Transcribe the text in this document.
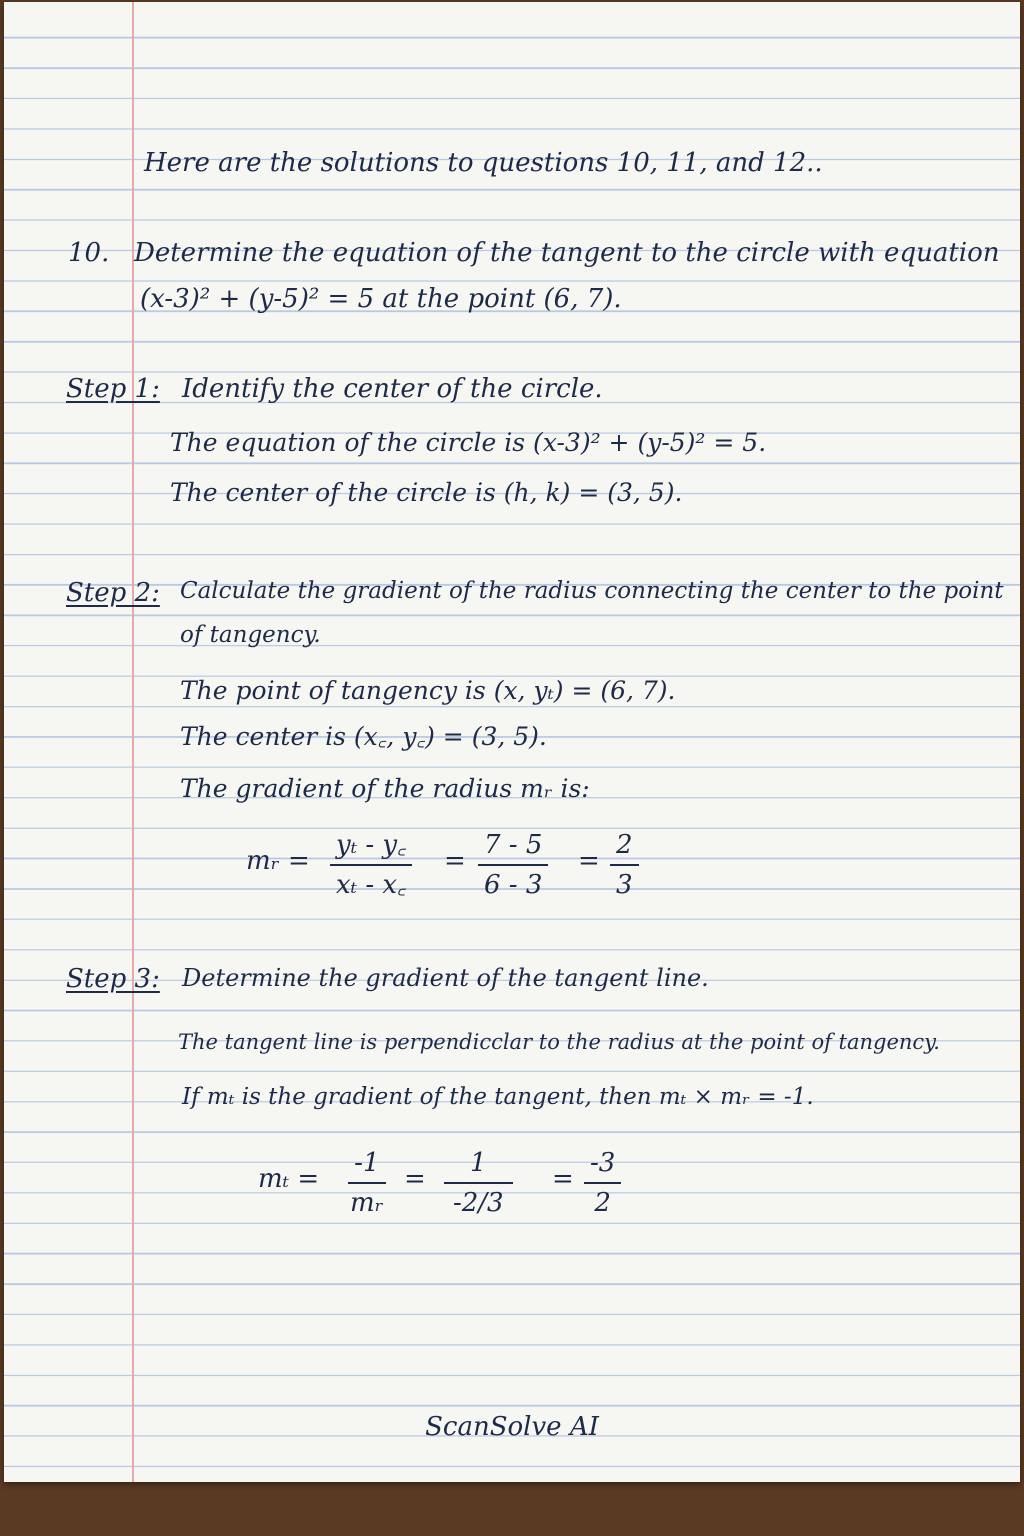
Here are the solutions to questions 10, 11, and 12..
10. Determine the equation of the tangent to the circle with equation
(x-3)² + (y-5)² = 5 at the point (6, 7).
Step 1: Identify the center of the circle.
The equation of the circle is (x-3)² + (y-5)² = 5.
The center of the circle is (h, k) = (3, 5).
Step 2: Calculate the gradient of the radius connecting the center to the point
of tangency.
The point of tangency is (x, yₜ) = (6, 7).
The center is (x꜀, y꜀) = (3, 5).
The gradient of the radius mᵣ is:
mᵣ = $\frac{\text{yₜ - y꜀}}{\text{xₜ - x꜀}} = \frac{7 - 5}{6 - 3} = \frac{2}{3}$
Step 3: Determine the gradient of the tangent line.
The tangent line is perpendicclar to the radius at the point of tangency.
If mₜ is the gradient of the tangent, then mₜ × mᵣ = -1.
$m_t = \frac{-1}{\text{mᵣ}} = \frac{1}{-2/3} = \frac{-3}{2}$
ScanSolve AI
